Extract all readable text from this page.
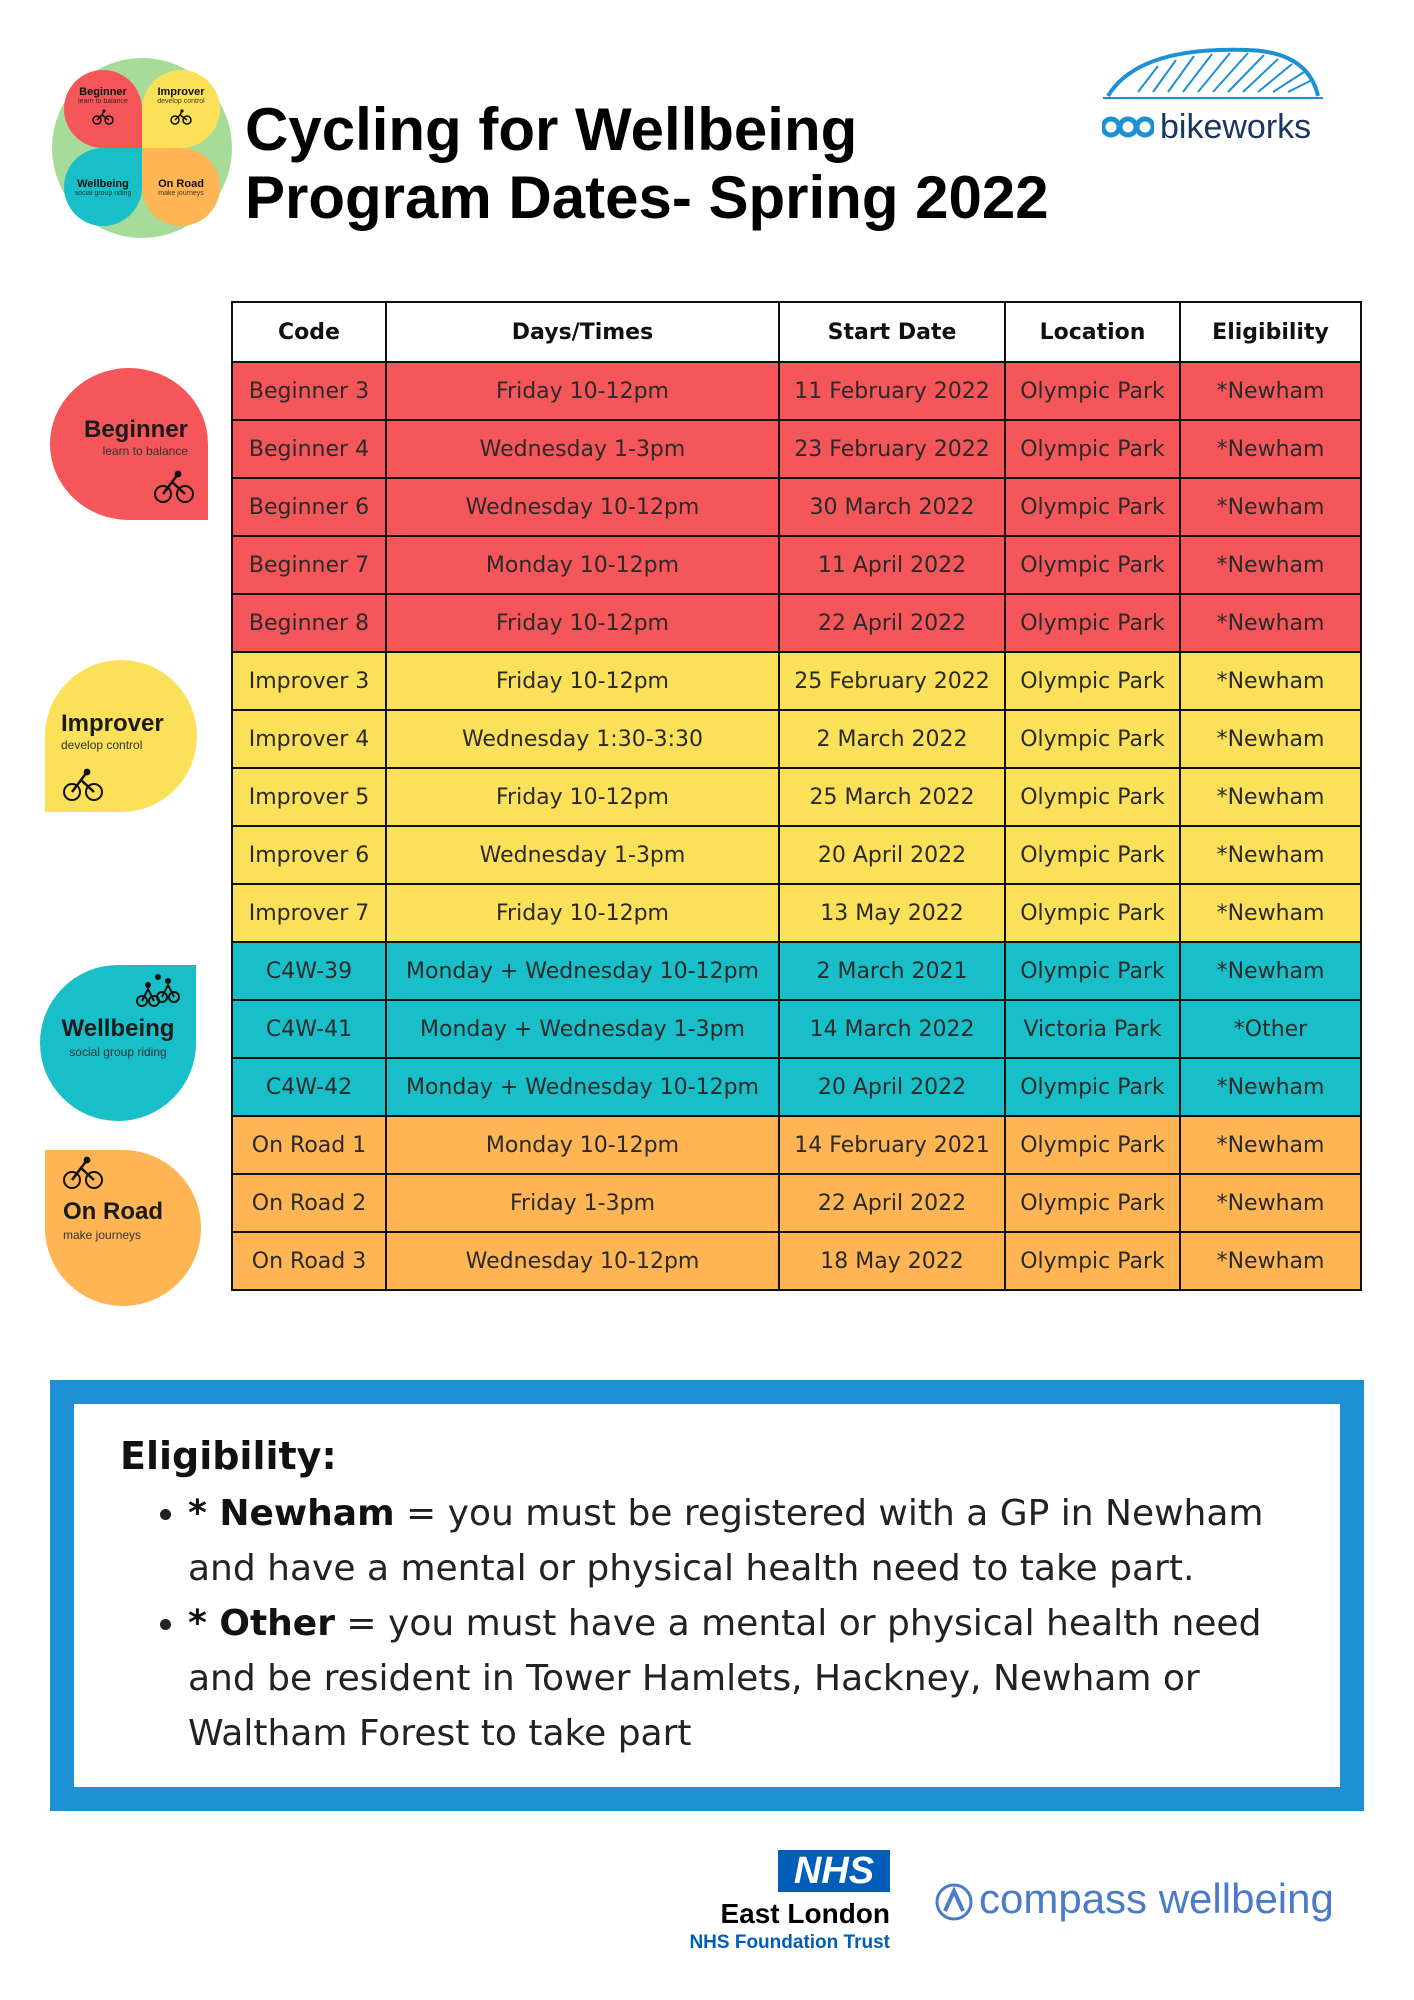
Beginner
learn to balance
Improver
develop control
Wellbeing
social group riding
On Road
make journeys
Cycling for Wellbeing
Program Dates- Spring 2022
bikeworks
Beginner
learn to balance
Improver
develop control
Wellbeing
social group riding
On Road
make journeys
Code	Days/Times	Start Date	Location	Eligibility
Beginner 3	Friday 10-12pm	11 February 2022	Olympic Park	*Newham
Beginner 4	Wednesday 1-3pm	23 February 2022	Olympic Park	*Newham
Beginner 6	Wednesday 10-12pm	30 March 2022	Olympic Park	*Newham
Beginner 7	Monday 10-12pm	11 April 2022	Olympic Park	*Newham
Beginner 8	Friday 10-12pm	22 April 2022	Olympic Park	*Newham
Improver 3	Friday 10-12pm	25 February 2022	Olympic Park	*Newham
Improver 4	Wednesday 1:30-3:30	2 March 2022	Olympic Park	*Newham
Improver 5	Friday 10-12pm	25 March 2022	Olympic Park	*Newham
Improver 6	Wednesday 1-3pm	20 April 2022	Olympic Park	*Newham
Improver 7	Friday 10-12pm	13 May 2022	Olympic Park	*Newham
C4W-39	Monday + Wednesday 10-12pm	2 March 2021	Olympic Park	*Newham
C4W-41	Monday + Wednesday 1-3pm	14 March 2022	Victoria Park	*Other
C4W-42	Monday + Wednesday 10-12pm	20 April 2022	Olympic Park	*Newham
On Road 1	Monday 10-12pm	14 February 2021	Olympic Park	*Newham
On Road 2	Friday 1-3pm	22 April 2022	Olympic Park	*Newham
On Road 3	Wednesday 10-12pm	18 May 2022	Olympic Park	*Newham

Eligibility:

• * Newham = you must be registered with a GP in Newham and have a mental or physical health need to take part.
• * Other = you must have a mental or physical health need and be resident in Tower Hamlets, Hackney, Newham or Waltham Forest to take part
NHS
East London
NHS Foundation Trust
compass wellbeing
